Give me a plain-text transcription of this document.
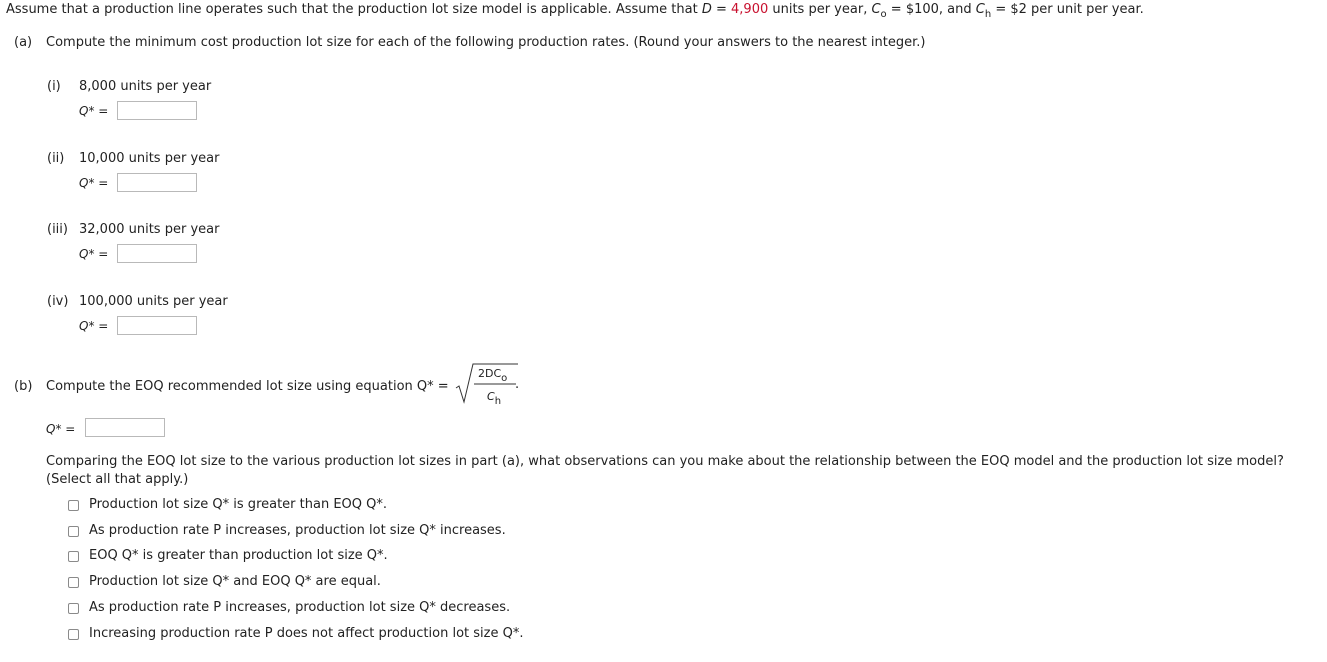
Assume that a production line operates such that the production lot size model is applicable. Assume that D = 4,900 units per year, $C_o$ = $100, and $C_h$ = $2 per unit per year.
(a) Compute the minimum cost production lot size for each of the following production rates. (Round your answers to the nearest integer.)
(i) 8,000 units per year
Q* =
(ii) 10,000 units per year
Q* =
(iii) 32,000 units per year
Q* =
(iv) 100,000 units per year
Q* =
(b) Compute the EOQ recommended lot size using equation Q* =
2DCo
Ch
.
Q* =
Comparing the EOQ lot size to the various production lot sizes in part (a), what observations can you make about the relationship between the EOQ model and the production lot size model?
(Select all that apply.)
Production lot size Q* is greater than EOQ Q*.
As production rate P increases, production lot size Q* increases.
EOQ Q* is greater than production lot size Q*.
Production lot size Q* and EOQ Q* are equal.
As production rate P increases, production lot size Q* decreases.
Increasing production rate P does not affect production lot size Q*.
